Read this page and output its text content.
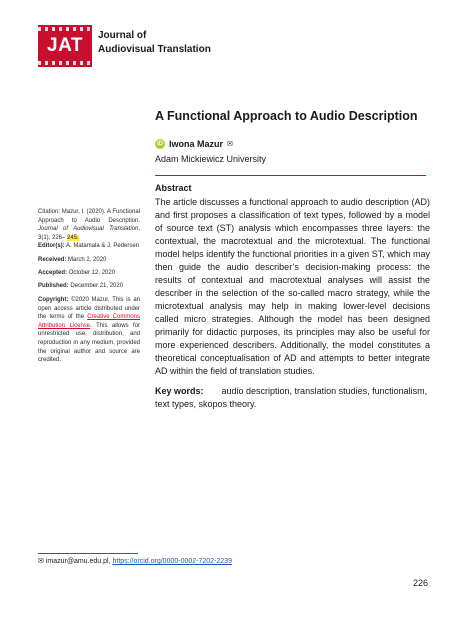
JAT Journal of
Audiovisual Translation
A Functional Approach to Audio Description
iD Iwona Mazur ✉
Adam Mickiewicz University
Abstract

The article discusses a functional approach to audio description (AD) and first proposes a classification of text types, followed by a model of source text (ST) analysis which encompasses three layers: the contextual, the macrotextual and the microtextual. The functional model helps identify the functional priorities in a given ST, which may then guide the audio describer’s decision-making process: the results of contextual and macrotextual analyses will assist the describer in the selection of the so-called macro strategy, while the microtextual analysis may help in making lower-level decisions called micro strategies. Although the model has been designed primarily for didactic purposes, its principles may also be useful for more experienced describers. Additionally, the model constitutes a theoretical conceptualisation of AD and attempts to better integrate AD within the field of translation studies.

Key words: audio description, translation studies, functionalism, text types, skopos theory.

Citation: Mazur, I. (2020). A Functional Approach to Audio Description. Journal of Audiovisual Translation, 3(1), 226– 245.

Editor(s): A. Matamala & J. Pedersen

Received: March 2, 2020

Accepted: October 12, 2020

Published: December 21, 2020

Copyright: ©2020 Mazur. This is an open access article distributed under the terms of the Creative Commons Attribution License. This allows for unrestricted use, distribution, and reproduction in any medium, provided the original author and source are credited.

✉ imazur@amu.edu.pl, https://orcid.org/0000-0002-7202-2239
226
